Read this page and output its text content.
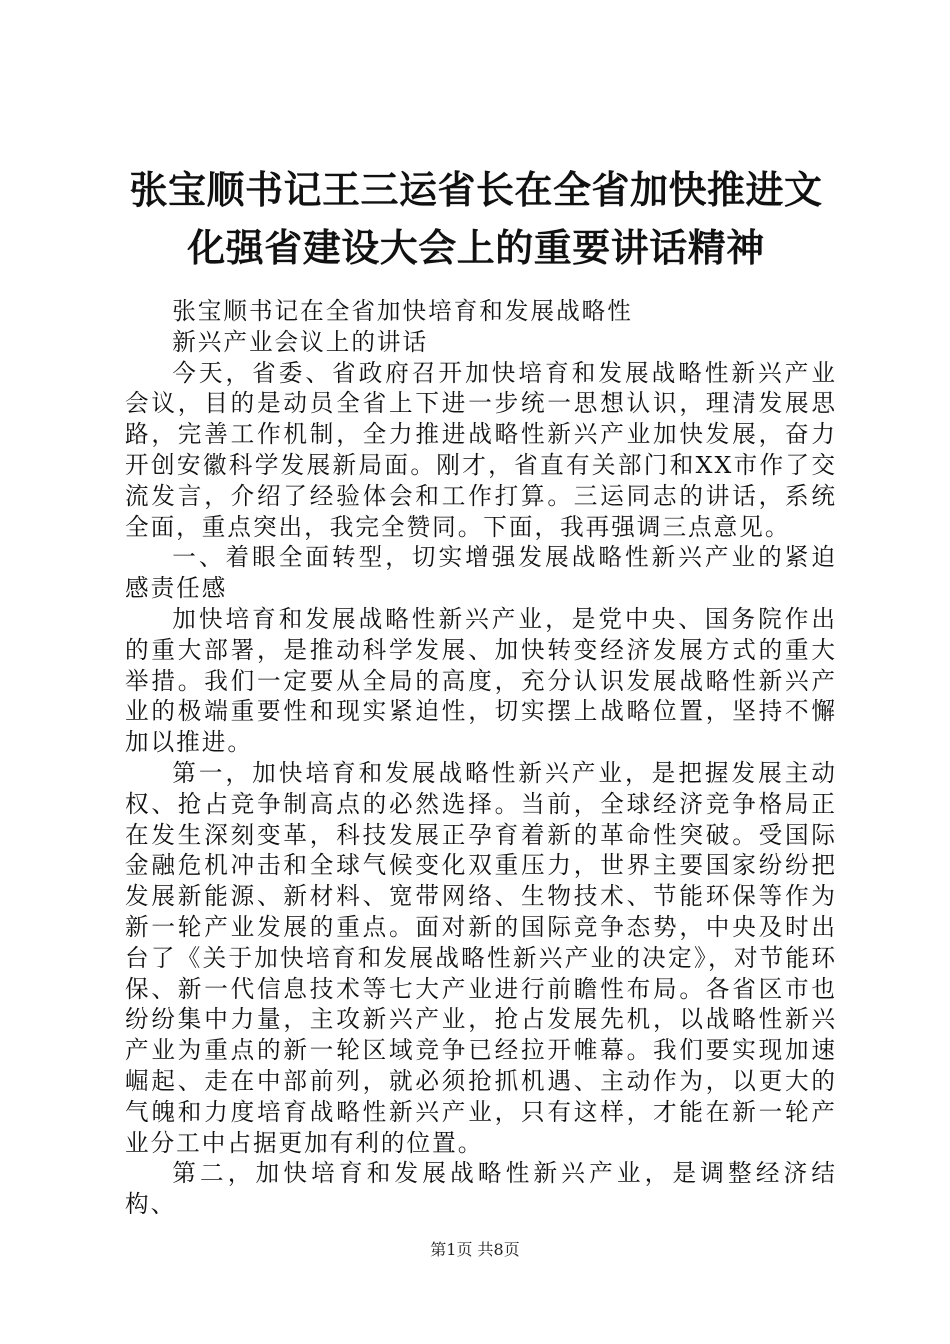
张宝顺书记王三运省长在全省加快推进文化强省建设大会上的重要讲话精神
张宝顺书记在全省加快培育和发展战略性
新兴产业会议上的讲话

今天，省委、省政府召开加快培育和发展战略性新兴产业会议，目的是动员全省上下进一步统一思想认识，理清发展思路，完善工作机制，全力推进战略性新兴产业加快发展，奋力开创安徽科学发展新局面。刚才，省直有关部门和XX市作了交流发言，介绍了经验体会和工作打算。三运同志的讲话，系统全面，重点突出，我完全赞同。下面，我再强调三点意见。

一、着眼全面转型，切实增强发展战略性新兴产业的紧迫感责任感

加快培育和发展战略性新兴产业，是党中央、国务院作出的重大部署，是推动科学发展、加快转变经济发展方式的重大举措。我们一定要从全局的高度，充分认识发展战略性新兴产业的极端重要性和现实紧迫性，切实摆上战略位置，坚持不懈加以推进。

第一，加快培育和发展战略性新兴产业，是把握发展主动权、抢占竞争制高点的必然选择。当前，全球经济竞争格局正在发生深刻变革，科技发展正孕育着新的革命性突破。受国际金融危机冲击和全球气候变化双重压力，世界主要国家纷纷把发展新能源、新材料、宽带网络、生物技术、节能环保等作为新一轮产业发展的重点。面对新的国际竞争态势，中央及时出台了《关于加快培育和发展战略性新兴产业的决定》，对节能环保、新一代信息技术等七大产业进行前瞻性布局。各省区市也纷纷集中力量，主攻新兴产业，抢占发展先机，以战略性新兴产业为重点的新一轮区域竞争已经拉开帷幕。我们要实现加速崛起、走在中部前列，就必须抢抓机遇、主动作为，以更大的气魄和力度培育战略性新兴产业，只有这样，才能在新一轮产业分工中占据更加有利的位置。

第二，加快培育和发展战略性新兴产业，是调整经济结构、

第1页 共8页
